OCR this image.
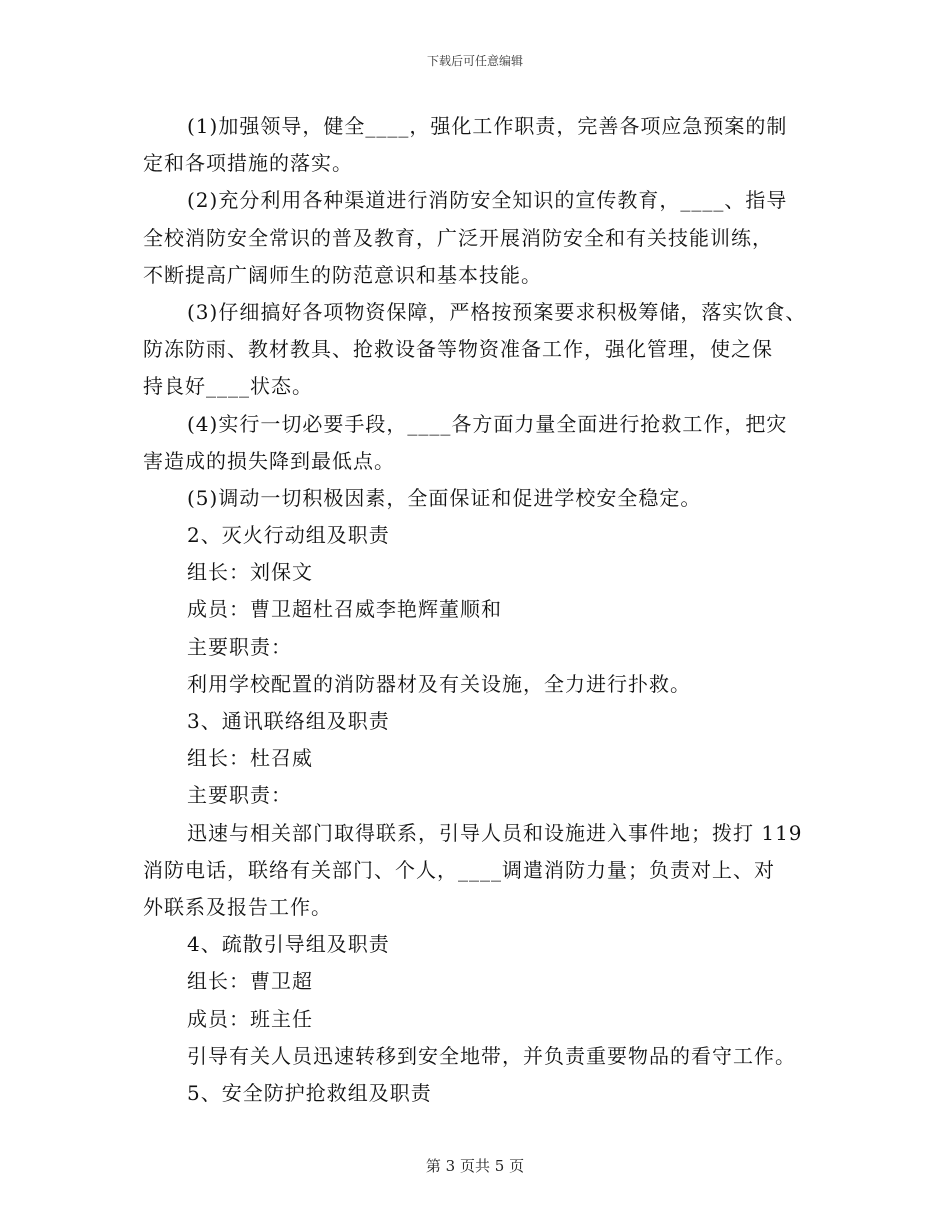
下载后可任意编辑
(1)加强领导，健全____，强化工作职责，完善各项应急预案的制
定和各项措施的落实。
(2)充分利用各种渠道进行消防安全知识的宣传教育，____、指导
全校消防安全常识的普及教育，广泛开展消防安全和有关技能训练，
不断提高广阔师生的防范意识和基本技能。
(3)仔细搞好各项物资保障，严格按预案要求积极筹储，落实饮食、
防冻防雨、教材教具、抢救设备等物资准备工作，强化管理，使之保
持良好____状态。
(4)实行一切必要手段，____各方面力量全面进行抢救工作，把灾
害造成的损失降到最低点。
(5)调动一切积极因素，全面保证和促进学校安全稳定。
2、灭火行动组及职责
组长：刘保文
成员：曹卫超杜召威李艳辉董顺和
主要职责：
利用学校配置的消防器材及有关设施，全力进行扑救。
3、通讯联络组及职责
组长：杜召威
主要职责：
迅速与相关部门取得联系，引导人员和设施进入事件地；拨打 119
消防电话，联络有关部门、个人，____调遣消防力量；负责对上、对
外联系及报告工作。
4、疏散引导组及职责
组长：曹卫超
成员：班主任
引导有关人员迅速转移到安全地带，并负责重要物品的看守工作。
5、安全防护抢救组及职责
第 3 页共 5 页
